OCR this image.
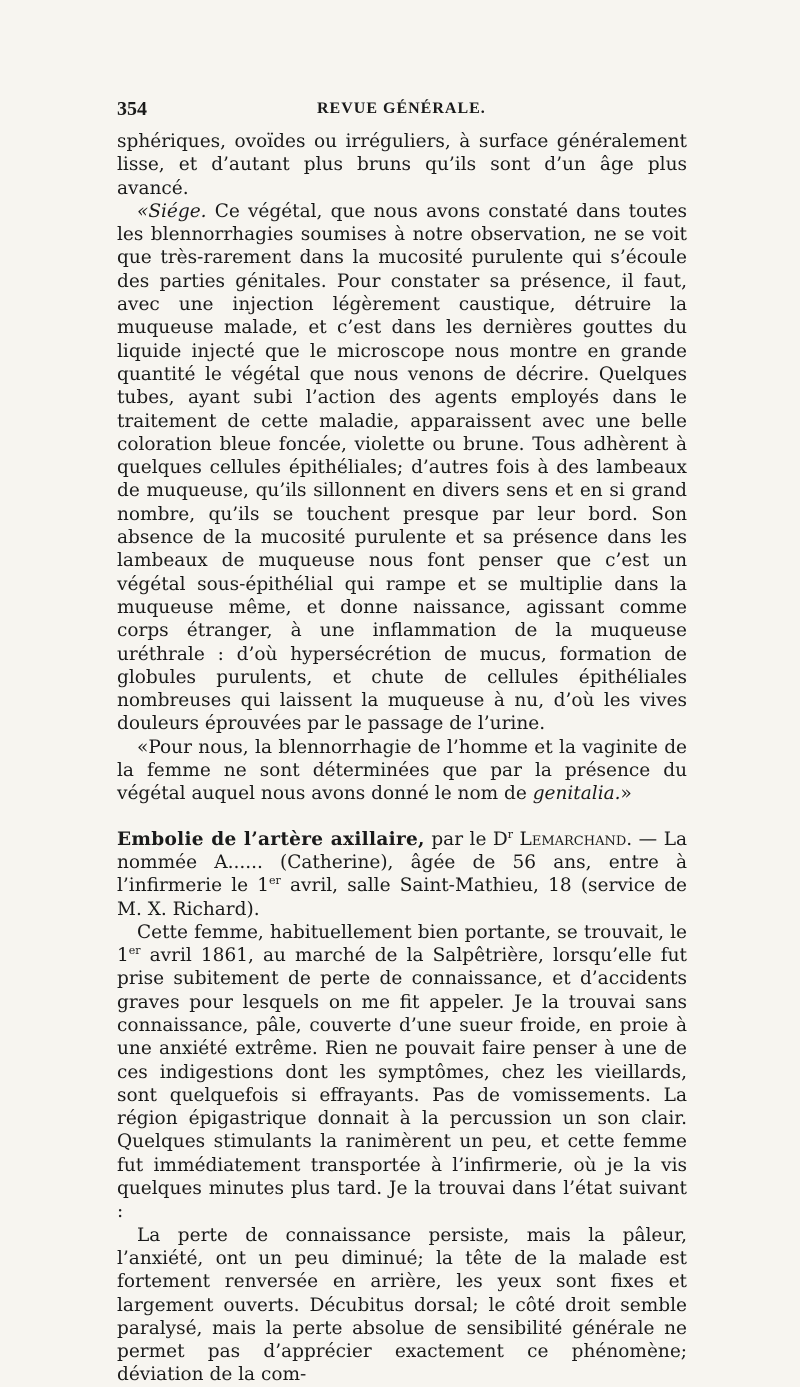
354	REVUE GÉNÉRALE.

sphériques, ovoïdes ou irréguliers, à surface généralement lisse, et d’autant plus bruns qu’ils sont d’un âge plus avancé.

«Siége. Ce végétal, que nous avons constaté dans toutes les blennorrhagies soumises à notre observation, ne se voit que très-rarement dans la mucosité purulente qui s’écoule des parties génitales. Pour constater sa présence, il faut, avec une injection légèrement caustique, détruire la muqueuse malade, et c’est dans les dernières gouttes du liquide injecté que le microscope nous montre en grande quantité le végétal que nous venons de décrire. Quelques tubes, ayant subi l’action des agents employés dans le traitement de cette maladie, apparaissent avec une belle coloration bleue foncée, violette ou brune. Tous adhèrent à quelques cellules épithéliales; d’autres fois à des lambeaux de muqueuse, qu’ils sillonnent en divers sens et en si grand nombre, qu’ils se touchent presque par leur bord. Son absence de la mucosité purulente et sa présence dans les lambeaux de muqueuse nous font penser que c’est un végétal sous-épithélial qui rampe et se multiplie dans la muqueuse même, et donne naissance, agissant comme corps étranger, à une inflammation de la muqueuse uréthrale : d’où hypersécrétion de mucus, formation de globules purulents, et chute de cellules épithéliales nombreuses qui laissent la muqueuse à nu, d’où les vives douleurs éprouvées par le passage de l’urine.

«Pour nous, la blennorrhagie de l’homme et la vaginite de la femme ne sont déterminées que par la présence du végétal auquel nous avons donné le nom de genitalia.»

Embolie de l’artère axillaire, par le $D^r$ Lemarchand. — La nommée A...... (Catherine), âgée de 56 ans, entre à l’infirmerie le 1er avril, salle Saint-Mathieu, 18 (service de M. X. Richard).

Cette femme, habituellement bien portante, se trouvait, le 1er avril 1861, au marché de la Salpêtrière, lorsqu’elle fut prise subitement de perte de connaissance, et d’accidents graves pour lesquels on me fit appeler. Je la trouvai sans connaissance, pâle, couverte d’une sueur froide, en proie à une anxiété extrême. Rien ne pouvait faire penser à une de ces indigestions dont les symptômes, chez les vieillards, sont quelquefois si effrayants. Pas de vomissements. La région épigastrique donnait à la percussion un son clair. Quelques stimulants la ranimèrent un peu, et cette femme fut immédiatement transportée à l’infirmerie, où je la vis quelques minutes plus tard. Je la trouvai dans l’état suivant :

La perte de connaissance persiste, mais la pâleur, l’anxiété, ont un peu diminué; la tête de la malade est fortement renversée en arrière, les yeux sont fixes et largement ouverts. Décubitus dorsal; le côté droit semble paralysé, mais la perte absolue de sensibilité générale ne permet pas d’apprécier exactement ce phénomène; déviation de la com-
